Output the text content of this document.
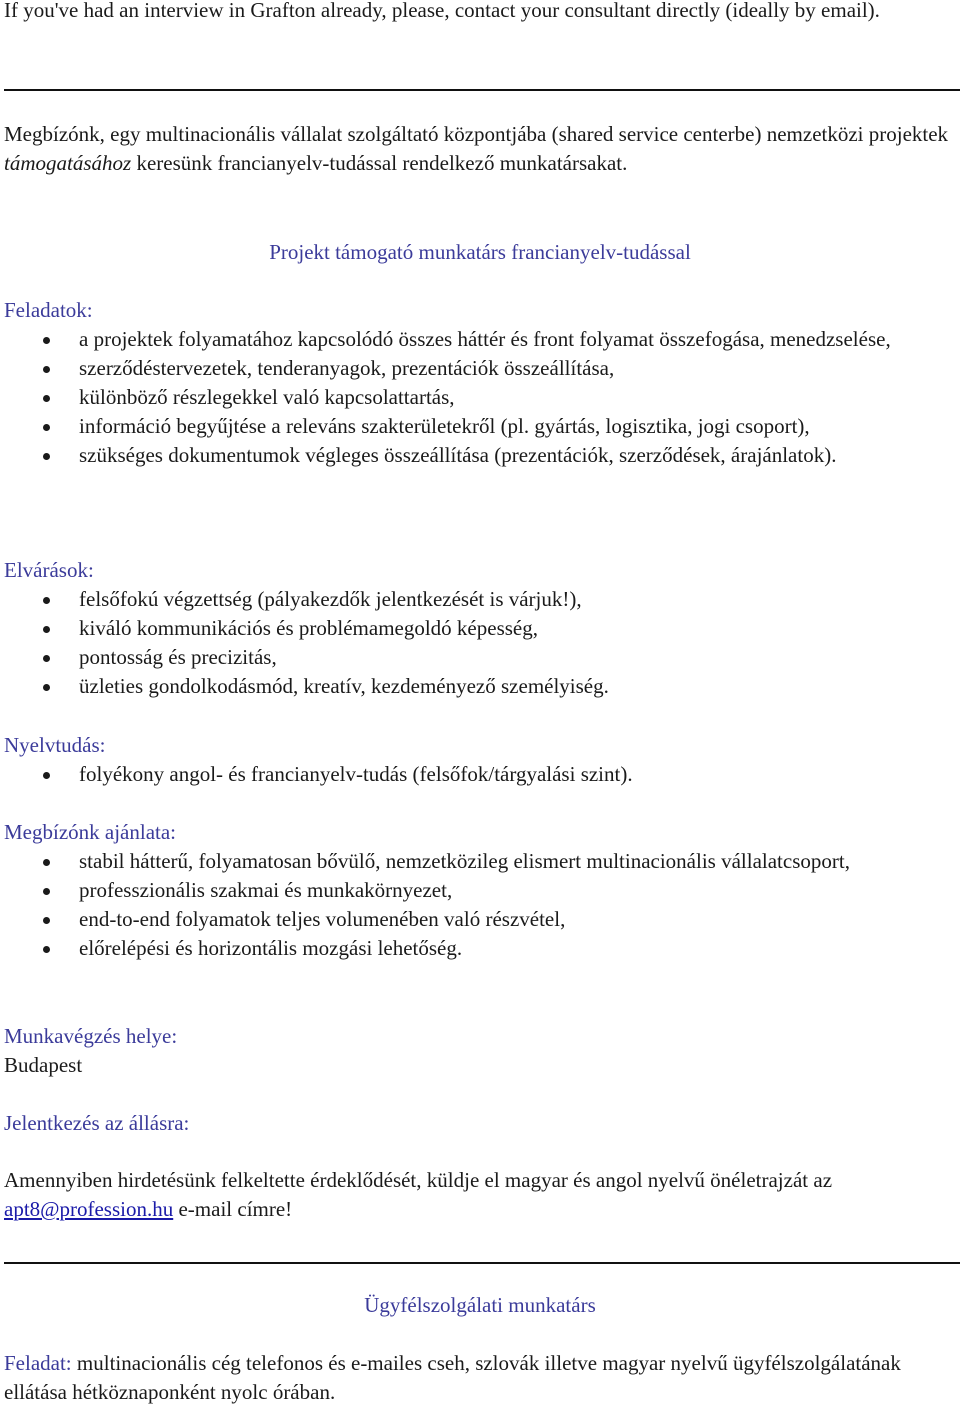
If you've had an interview in Grafton already, please, contact your consultant directly (ideally by email).

Megbízónk, egy multinacionális vállalat szolgáltató központjába (shared service centerbe) nemzetközi projektek támogatásához keresünk francianyelv-tudással rendelkező munkatársakat.

Projekt támogató munkatárs francianyelv-tudással

Feladatok:

a projektek folyamatához kapcsolódó összes háttér és front folyamat összefogása, menedzselése,
szerződéstervezetek, tenderanyagok, prezentációk összeállítása,
különböző részlegekkel való kapcsolattartás,
információ begyűjtése a releváns szakterületekről (pl. gyártás, logisztika, jogi csoport),
szükséges dokumentumok végleges összeállítása (prezentációk, szerződések, árajánlatok).

Elvárások:

felsőfokú végzettség (pályakezdők jelentkezését is várjuk!),
kiváló kommunikációs és problémamegoldó képesség,
pontosság és precizitás,
üzleties gondolkodásmód, kreatív, kezdeményező személyiség.

Nyelvtudás:

folyékony angol- és francianyelv-tudás (felsőfok/tárgyalási szint).

Megbízónk ajánlata:

stabil hátterű, folyamatosan bővülő, nemzetközileg elismert multinacionális vállalatcsoport,
professzionális szakmai és munkakörnyezet,
end-to-end folyamatok teljes volumenében való részvétel,
előrelépési és horizontális mozgási lehetőség.

Munkavégzés helye:

Budapest

Jelentkezés az állásra:

Amennyiben hirdetésünk felkeltette érdeklődését, küldje el magyar és angol nyelvű önéletrajzát az apt8@profession.hu e-mail címre!

Ügyfélszolgálati munkatárs

Feladat: multinacionális cég telefonos és e-mailes cseh, szlovák illetve magyar nyelvű ügyfélszolgálatának ellátása hétköznaponként nyolc órában.
